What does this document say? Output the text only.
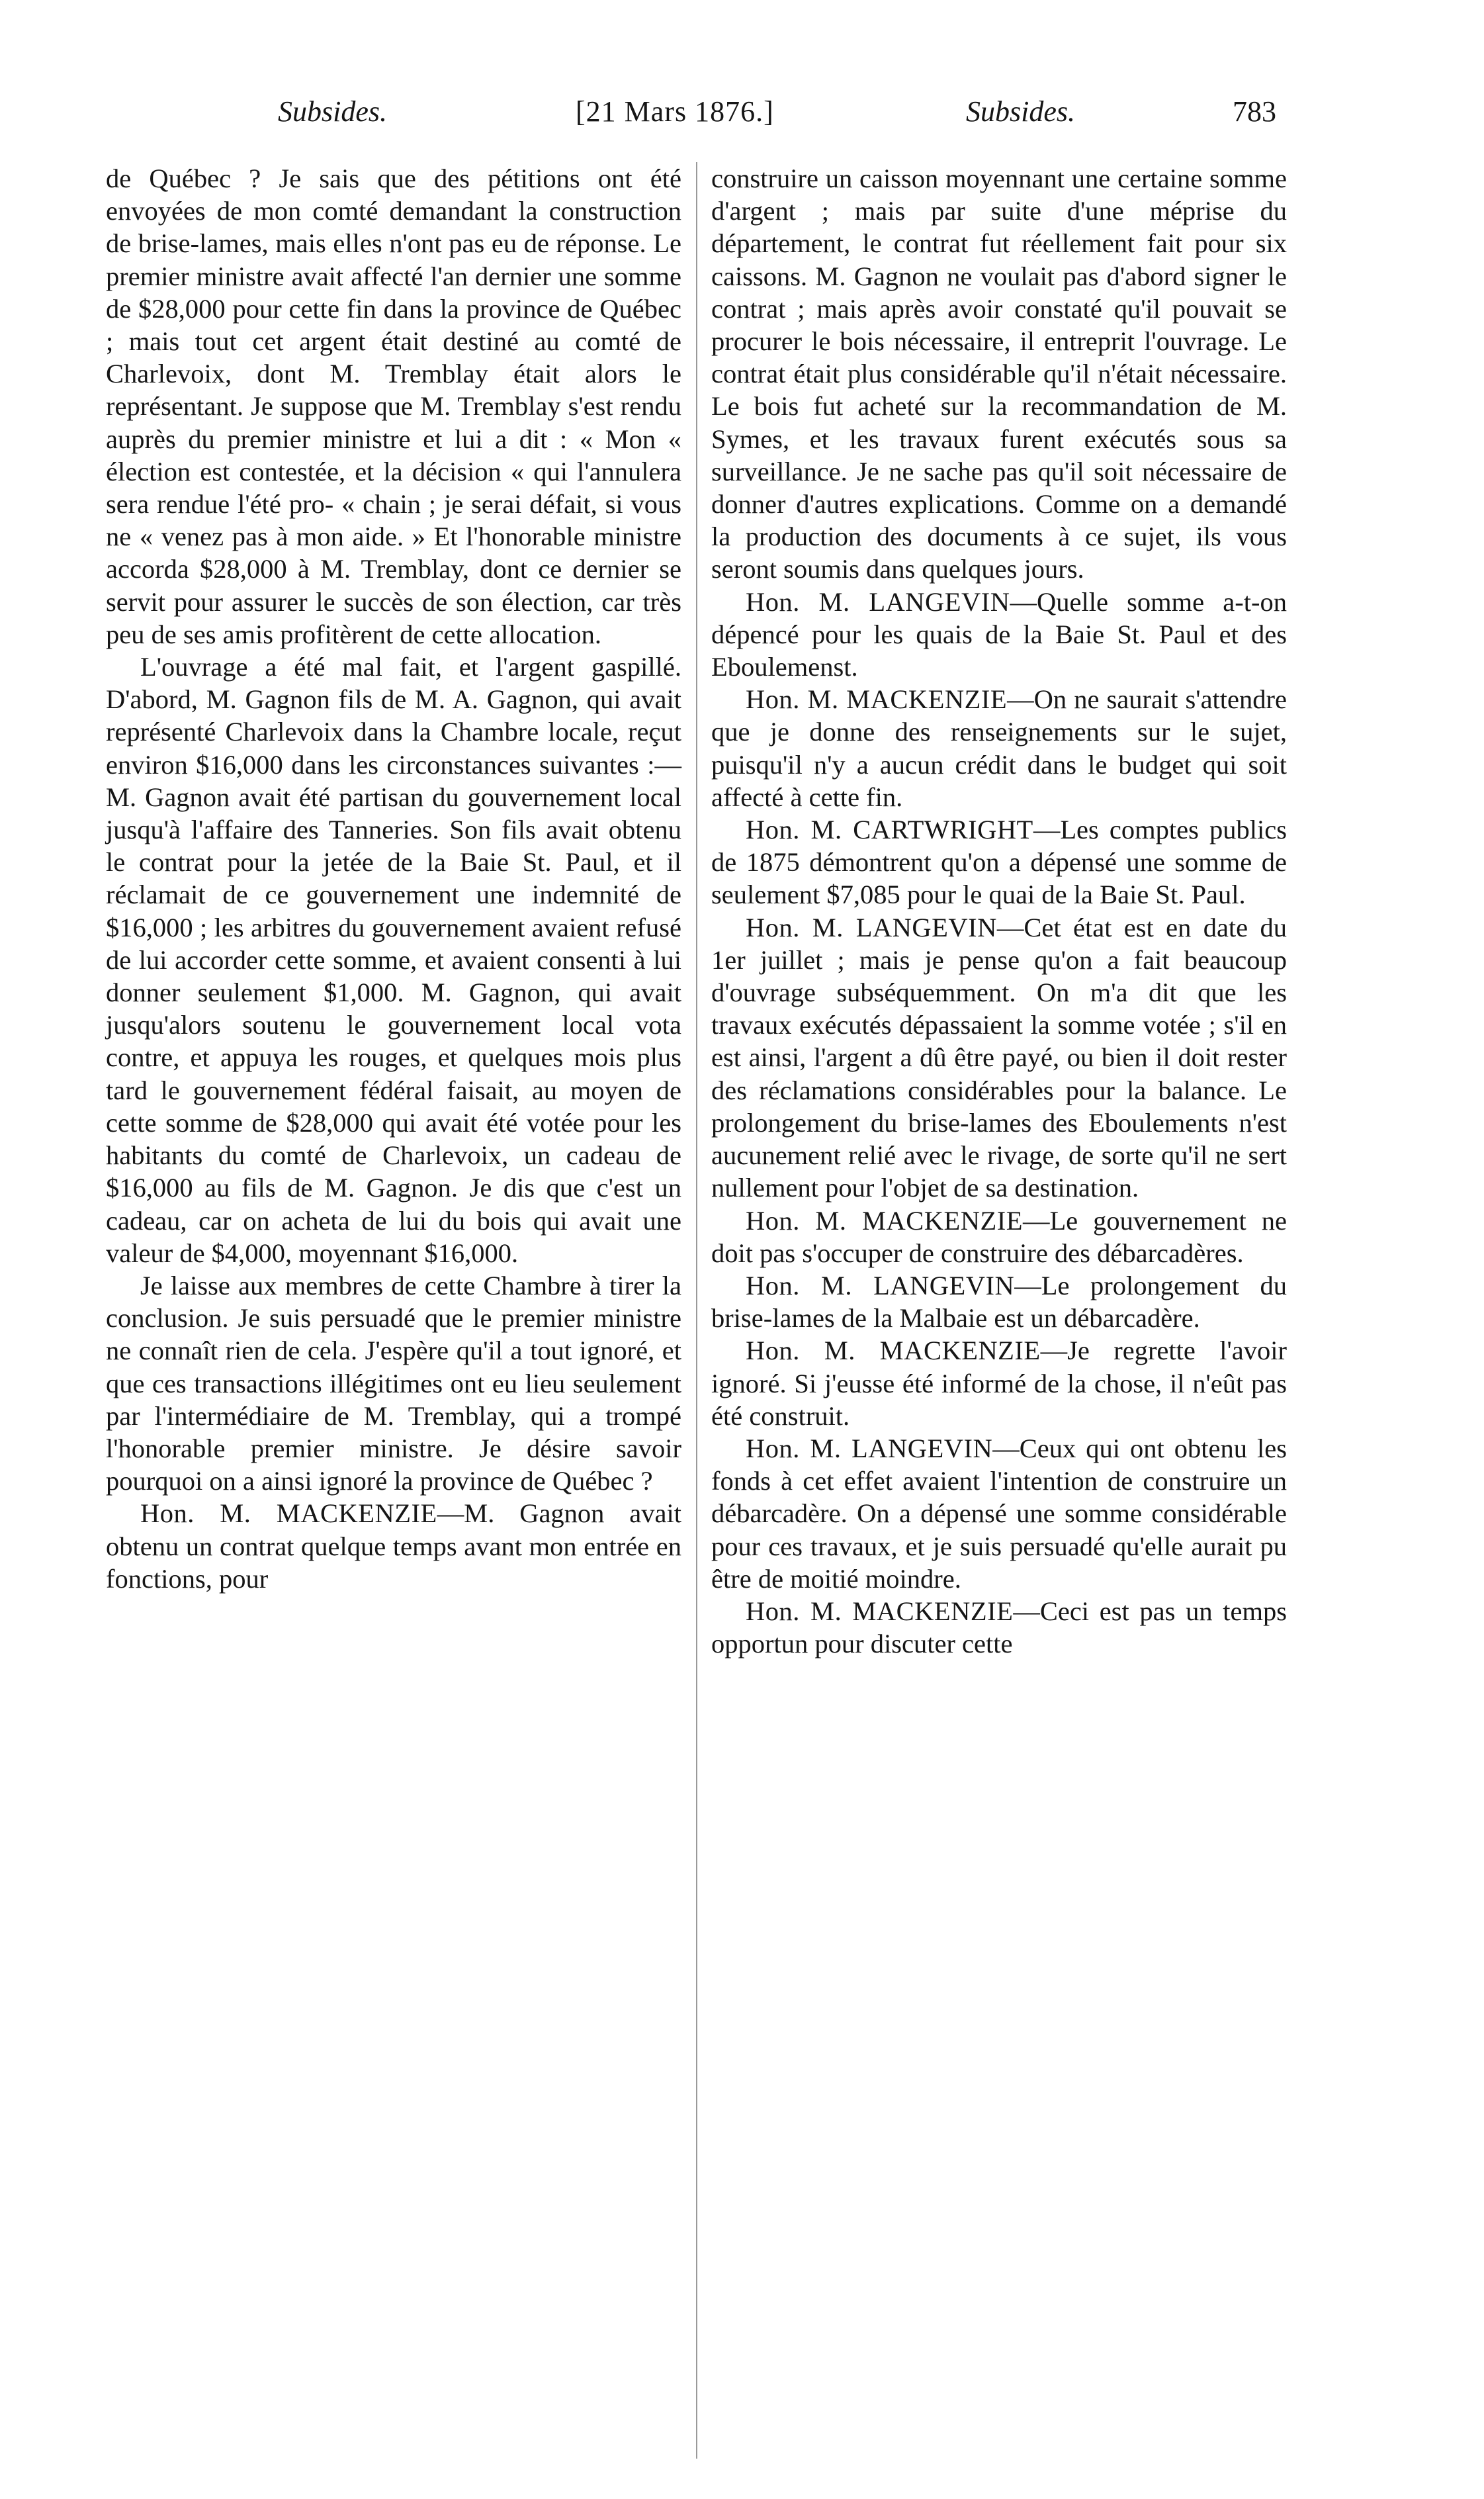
Subsides.	[21 Mars 1876.]	Subsides.	783

de Québec ? Je sais que des pétitions ont été envoyées de mon comté demandant la construction de brise-lames, mais elles n'ont pas eu de réponse. Le premier ministre avait affecté l'an dernier une somme de $28,000 pour cette fin dans la province de Québec ; mais tout cet argent était destiné au comté de Charlevoix, dont M. Tremblay était alors le représentant. Je suppose que M. Tremblay s'est rendu auprès du premier ministre et lui a dit : « Mon « élection est contestée, et la décision « qui l'annulera sera rendue l'été pro- « chain ; je serai défait, si vous ne « venez pas à mon aide. » Et l'honorable ministre accorda $28,000 à M. Tremblay, dont ce dernier se servit pour assurer le succès de son élection, car très peu de ses amis profitèrent de cette allocation.

L'ouvrage a été mal fait, et l'argent gaspillé. D'abord, M. Gagnon fils de M. A. Gagnon, qui avait représenté Charlevoix dans la Chambre locale, reçut environ $16,000 dans les circonstances suivantes :—M. Gagnon avait été partisan du gouvernement local jusqu'à l'affaire des Tanneries. Son fils avait obtenu le contrat pour la jetée de la Baie St. Paul, et il réclamait de ce gouvernement une indemnité de $16,000 ; les arbitres du gouvernement avaient refusé de lui accorder cette somme, et avaient consenti à lui donner seulement $1,000. M. Gagnon, qui avait jusqu'alors soutenu le gouvernement local vota contre, et appuya les rouges, et quelques mois plus tard le gouvernement fédéral faisait, au moyen de cette somme de $28,000 qui avait été votée pour les habitants du comté de Charlevoix, un cadeau de $16,000 au fils de M. Gagnon. Je dis que c'est un cadeau, car on acheta de lui du bois qui avait une valeur de $4,000, moyennant $16,000.

Je laisse aux membres de cette Chambre à tirer la conclusion. Je suis persuadé que le premier ministre ne connaît rien de cela. J'espère qu'il a tout ignoré, et que ces transactions illégitimes ont eu lieu seulement par l'intermédiaire de M. Tremblay, qui a trompé l'honorable premier ministre. Je désire savoir pourquoi on a ainsi ignoré la province de Québec ?

Hon. M. MACKENZIE—M. Gagnon avait obtenu un contrat quelque temps avant mon entrée en fonctions, pour

construire un caisson moyennant une certaine somme d'argent ; mais par suite d'une méprise du département, le contrat fut réellement fait pour six caissons. M. Gagnon ne voulait pas d'abord signer le contrat ; mais après avoir constaté qu'il pouvait se procurer le bois nécessaire, il entreprit l'ouvrage. Le contrat était plus considérable qu'il n'était nécessaire. Le bois fut acheté sur la recommandation de M. Symes, et les travaux furent exécutés sous sa surveillance. Je ne sache pas qu'il soit nécessaire de donner d'autres explications. Comme on a demandé la production des documents à ce sujet, ils vous seront soumis dans quelques jours.

Hon. M. LANGEVIN—Quelle somme a-t-on dépencé pour les quais de la Baie St. Paul et des Eboulemenst.

Hon. M. MACKENZIE—On ne saurait s'attendre que je donne des renseignements sur le sujet, puisqu'il n'y a aucun crédit dans le budget qui soit affecté à cette fin.

Hon. M. CARTWRIGHT—Les comptes publics de 1875 démontrent qu'on a dépensé une somme de seulement $7,085 pour le quai de la Baie St. Paul.

Hon. M. LANGEVIN—Cet état est en date du 1er juillet ; mais je pense qu'on a fait beaucoup d'ouvrage subséquemment. On m'a dit que les travaux exécutés dépassaient la somme votée ; s'il en est ainsi, l'argent a dû être payé, ou bien il doit rester des réclamations considérables pour la balance. Le prolongement du brise-lames des Eboulements n'est aucunement relié avec le rivage, de sorte qu'il ne sert nullement pour l'objet de sa destination.

Hon. M. MACKENZIE—Le gouvernement ne doit pas s'occuper de construire des débarcadères.

Hon. M. LANGEVIN—Le prolongement du brise-lames de la Malbaie est un débarcadère.

Hon. M. MACKENZIE—Je regrette l'avoir ignoré. Si j'eusse été informé de la chose, il n'eût pas été construit.

Hon. M. LANGEVIN—Ceux qui ont obtenu les fonds à cet effet avaient l'intention de construire un débarcadère. On a dépensé une somme considérable pour ces travaux, et je suis persuadé qu'elle aurait pu être de moitié moindre.

Hon. M. MACKENZIE—Ceci est pas un temps opportun pour discuter cette
